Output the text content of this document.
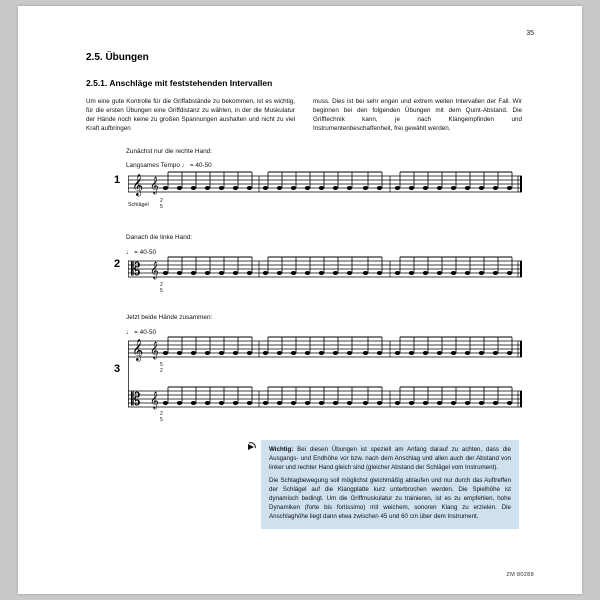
35
2.5. Übungen
2.5.1. Anschläge mit feststehenden Intervallen
Um eine gute Kontrolle für die Griffabstände zu bekommen, ist es wichtig, für die ersten Übungen eine Griffdistanz zu wählen, in der die Muskulatur der Hände noch keine zu großen Spannungen aushalten und nicht zu viel Kraft aufbringen
muss. Dies ist bei sehr engen und extrem weiten Intervallen der Fall. Wir beginnen bei den folgenden Übungen mit dem Quint-Abstand. Die Grifftechnik kann, je nach Klangempfinden und Instrumentenbeschaffenheit, frei gewählt werden.
Zunächst nur die rechte Hand:
Langsames Tempo ♩ = 40-50
1 𝄞 𝄞
Schlägel
2
5
Danach die linke Hand:
♩ = 40-50
2 𝄡 𝄞
2
5
Jetzt beide Hände zusammen:
♩ = 40-50
3
𝄞 𝄞
𝄡 𝄞
5
2
2
5

Wichtig: Bei diesen Übungen ist speziell am Anfang darauf zu achten, dass die Ausgangs- und Endhöhe vor bzw. nach dem Anschlag und allen auch der Abstand von linker und rechter Hand gleich sind (gleicher Abstand der Schlägel vom Instrument).

Die Schlagbewegung soll möglichst gleichmäßig ablaufen und nur durch das Auftreffen der Schlägel auf die Klangplatte kurz unterbrochen werden. Die Spielhöhe ist dynamisch bedingt. Um die Griffmuskulatur zu trainieren, ist es zu empfehlen, hohe Dynamiken (forte bis fortissimo) mit weichem, sonoren Klang zu erzielen. Die Anschlaghöhe liegt dann etwa zwischen 45 und 60 cm über dem Instrument.

ZM 80288
